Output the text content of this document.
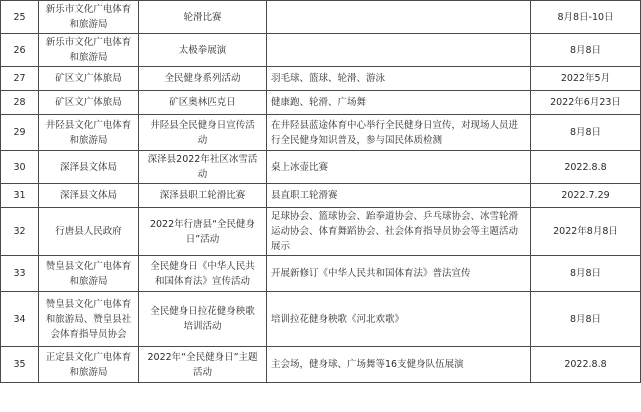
25	新乐市文化广电体育和旅游局	轮滑比赛		8月8日-10日
26	新乐市文化广电体育和旅游局	太极拳展演		8月8日
27	矿区文广体旅局	全民健身系列活动	羽毛球、篮球、轮滑、游泳	2022年5月
28	矿区文广体旅局	矿区奥林匹克日	健康跑、轮滑、广场舞	2022年6月23日
29	井陉县文化广电体育和旅游局	井陉县全民健身日宣传活动	在井陉县蓝途体育中心举行全民健身日宣传，对现场人员进行全民健身知识普及，参与国民体质检测	8月8日
30	深泽县文体局	深泽县2022年社区冰雪活动	桌上冰壶比赛	2022.8.8
31	深泽县文体局	深泽县职工轮滑比赛	县直职工轮滑赛	2022.7.29
32	行唐县人民政府	2022年行唐县“全民健身日”活动	足球协会、篮球协会、跆拳道协会、乒乓球协会、冰雪轮滑运动协会、体育舞蹈协会、社会体育指导员协会等主题活动展示	2022年8月8日
33	赞皇县文化广电体育和旅游局	全民健身日《中华人民共和国体育法》宣传活动	开展新修订《中华人民共和国体育法》普法宣传	8月8日
34	赞皇县文化广电体育和旅游局、赞皇县社会体育指导员协会	全民健身日拉花健身秧歌培训活动	培训拉花健身秧歌《河北欢歌》	8月8日
35	正定县文化广电体育和旅游局	2022年“全民健身日”主题活动	主会场，健身球、广场舞等16支健身队伍展演	2022.8.8
